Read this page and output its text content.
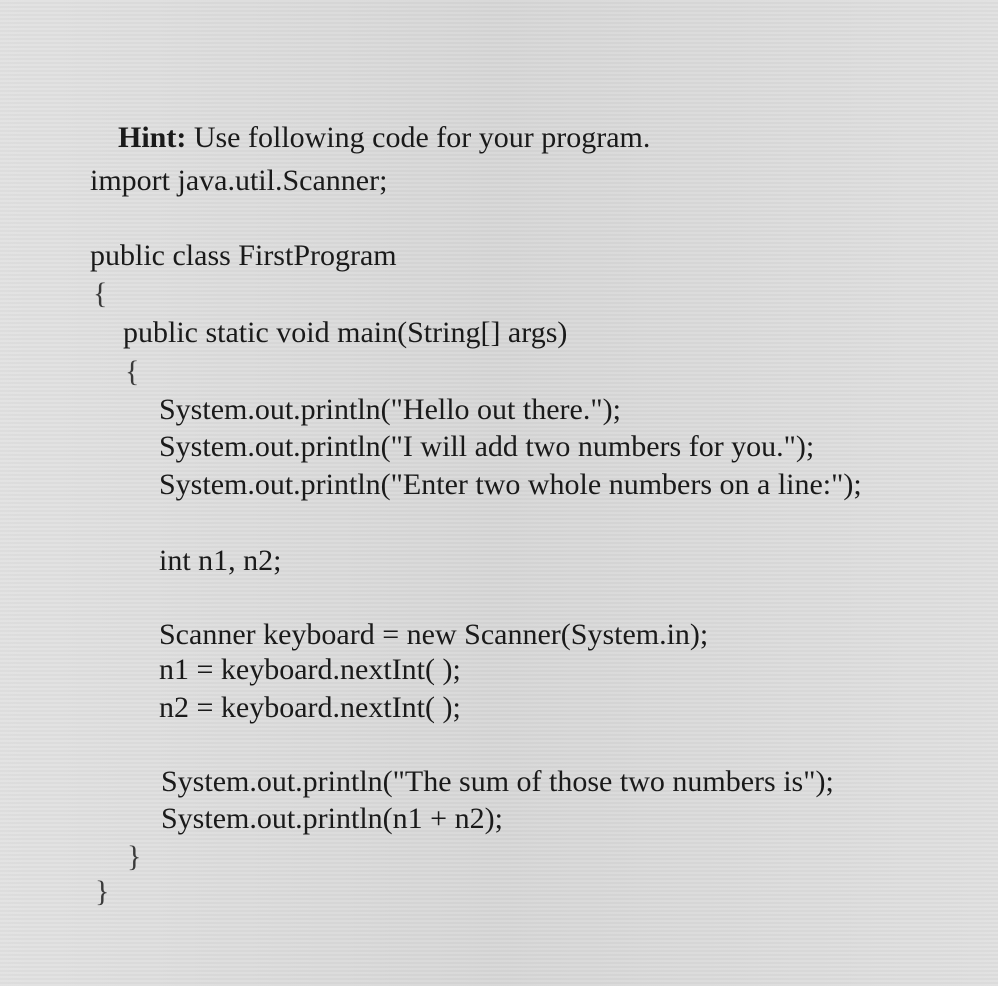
Hint: Use following code for your program.

import java.util.Scanner;
public class FirstProgram
{
public static void main(String[] args)
{
System.out.println("Hello out there.");
System.out.println("I will add two numbers for you.");
System.out.println("Enter two whole numbers on a line:");
int n1, n2;
Scanner keyboard = new Scanner(System.in);
n1 = keyboard.nextInt( );
n2 = keyboard.nextInt( );
System.out.println("The sum of those two numbers is");
System.out.println(n1 + n2);
}
}
